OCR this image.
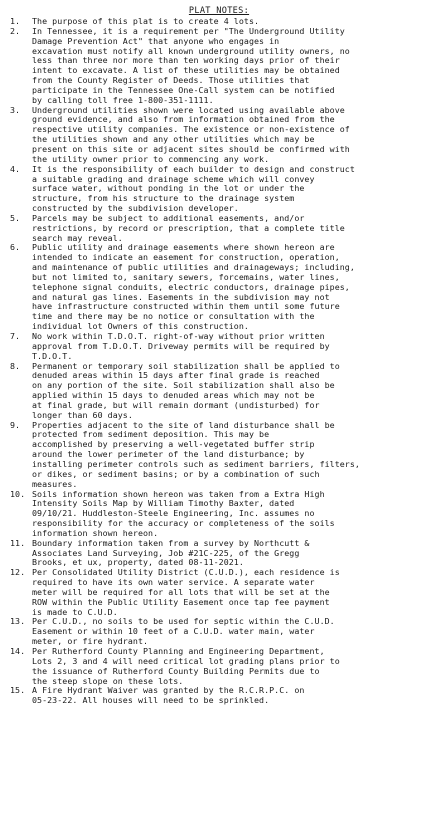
PLAT NOTES:
1.	The purpose of this plat is to create 4 lots.
2.	In Tennessee, it is a requirement per "The Underground Utility
Damage Prevention Act" that anyone who engages in
excavation must notify all known underground utility owners, no
less than three nor more than ten working days prior of their
intent to excavate. A list of these utilities may be obtained
from the County Register of Deeds. Those utilities that
participate in the Tennessee One-Call system can be notified
by calling toll free 1-800-351-1111.
3.	Underground utilities shown were located using available above
ground evidence, and also from information obtained from the
respective utility companies. The existence or non-existence of
the utilities shown and any other utilities which may be
present on this site or adjacent sites should be confirmed with
the utility owner prior to commencing any work.
4.	It is the responsibility of each builder to design and construct
a suitable grading and drainage scheme which will convey
surface water, without ponding in the lot or under the
structure, from his structure to the drainage system
constructed by the subdivision developer.
5.	Parcels may be subject to additional easements, and/or
restrictions, by record or prescription, that a complete title
search may reveal.
6.	Public utility and drainage easements where shown hereon are
intended to indicate an easement for construction, operation,
and maintenance of public utilities and drainageways; including,
but not limited to, sanitary sewers, forcemains, water lines,
telephone signal conduits, electric conductors, drainage pipes,
and natural gas lines. Easements in the subdivision may not
have infrastructure constructed within them until some future
time and there may be no notice or consultation with the
individual lot Owners of this construction.
7.	No work within T.D.O.T. right-of-way without prior written
approval from T.D.O.T. Driveway permits will be required by
T.D.O.T.
8.	Permanent or temporary soil stabilization shall be applied to
denuded areas within 15 days after final grade is reached
on any portion of the site. Soil stabilization shall also be
applied within 15 days to denuded areas which may not be
at final grade, but will remain dormant (undisturbed) for
longer than 60 days.
9.	Properties adjacent to the site of land disturbance shall be
protected from sediment deposition. This may be
accomplished by preserving a well-vegetated buffer strip
around the lower perimeter of the land disturbance; by
installing perimeter controls such as sediment barriers, filters,
or dikes, or sediment basins; or by a combination of such
measures.
10. Soils information shown hereon was taken from a Extra High
Intensity Soils Map by William Timothy Baxter, dated
09/10/21. Huddleston-Steele Engineering, Inc. assumes no
responsibility for the accuracy or completeness of the soils
information shown hereon.
11. Boundary information taken from a survey by Northcutt &
Associates Land Surveying, Job #21C-225, of the Gregg
Brooks, et ux, property, dated 08-11-2021.
12. Per Consolidated Utility District (C.U.D.), each residence is
required to have its own water service. A separate water
meter will be required for all lots that will be set at the
ROW within the Public Utility Easement once tap fee payment
is made to C.U.D.
13. Per C.U.D., no soils to be used for septic within the C.U.D.
Easement or within 10 feet of a C.U.D. water main, water
meter, or fire hydrant.
14. Per Rutherford County Planning and Engineering Department,
Lots 2, 3 and 4 will need critical lot grading plans prior to
the issuance of Rutherford County Building Permits due to
the steep slope on these lots.
15. A Fire Hydrant Waiver was granted by the R.C.R.P.C. on
05-23-22. All houses will need to be sprinkled.
